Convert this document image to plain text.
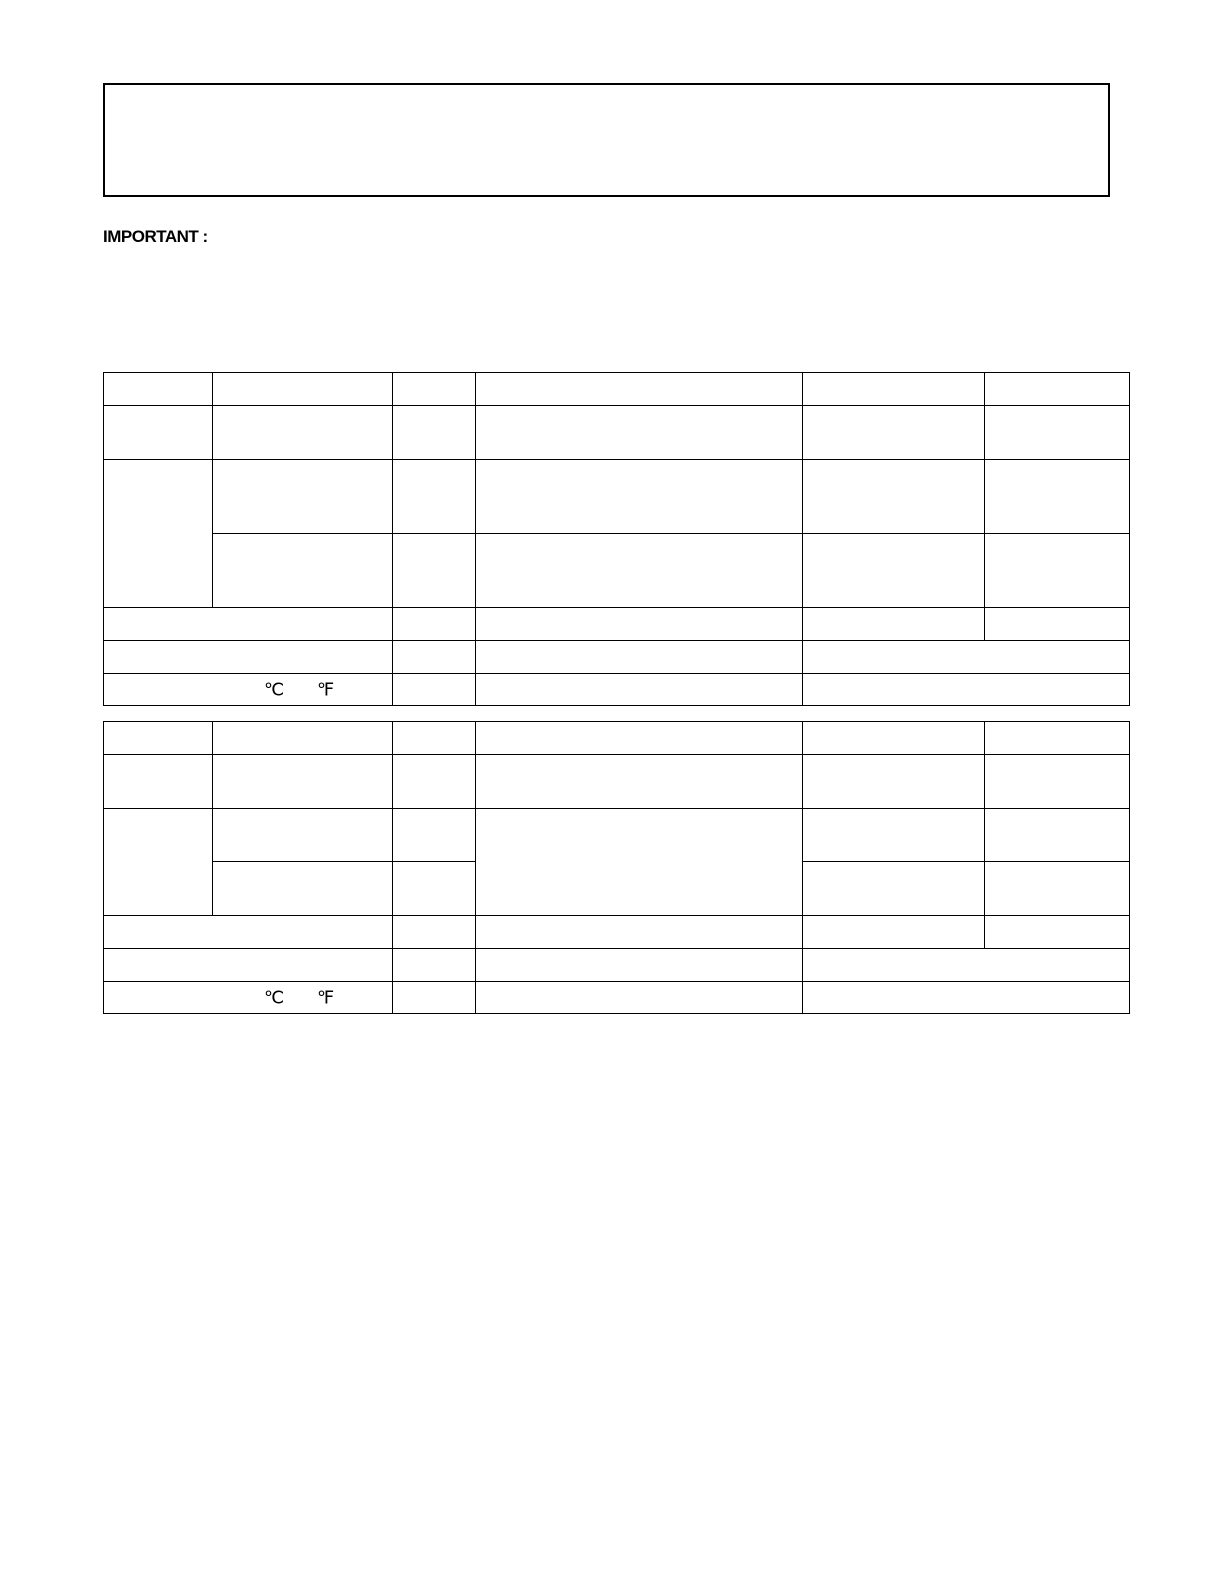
IMPORTANT :

℃ ℉					

℃ ℉					
